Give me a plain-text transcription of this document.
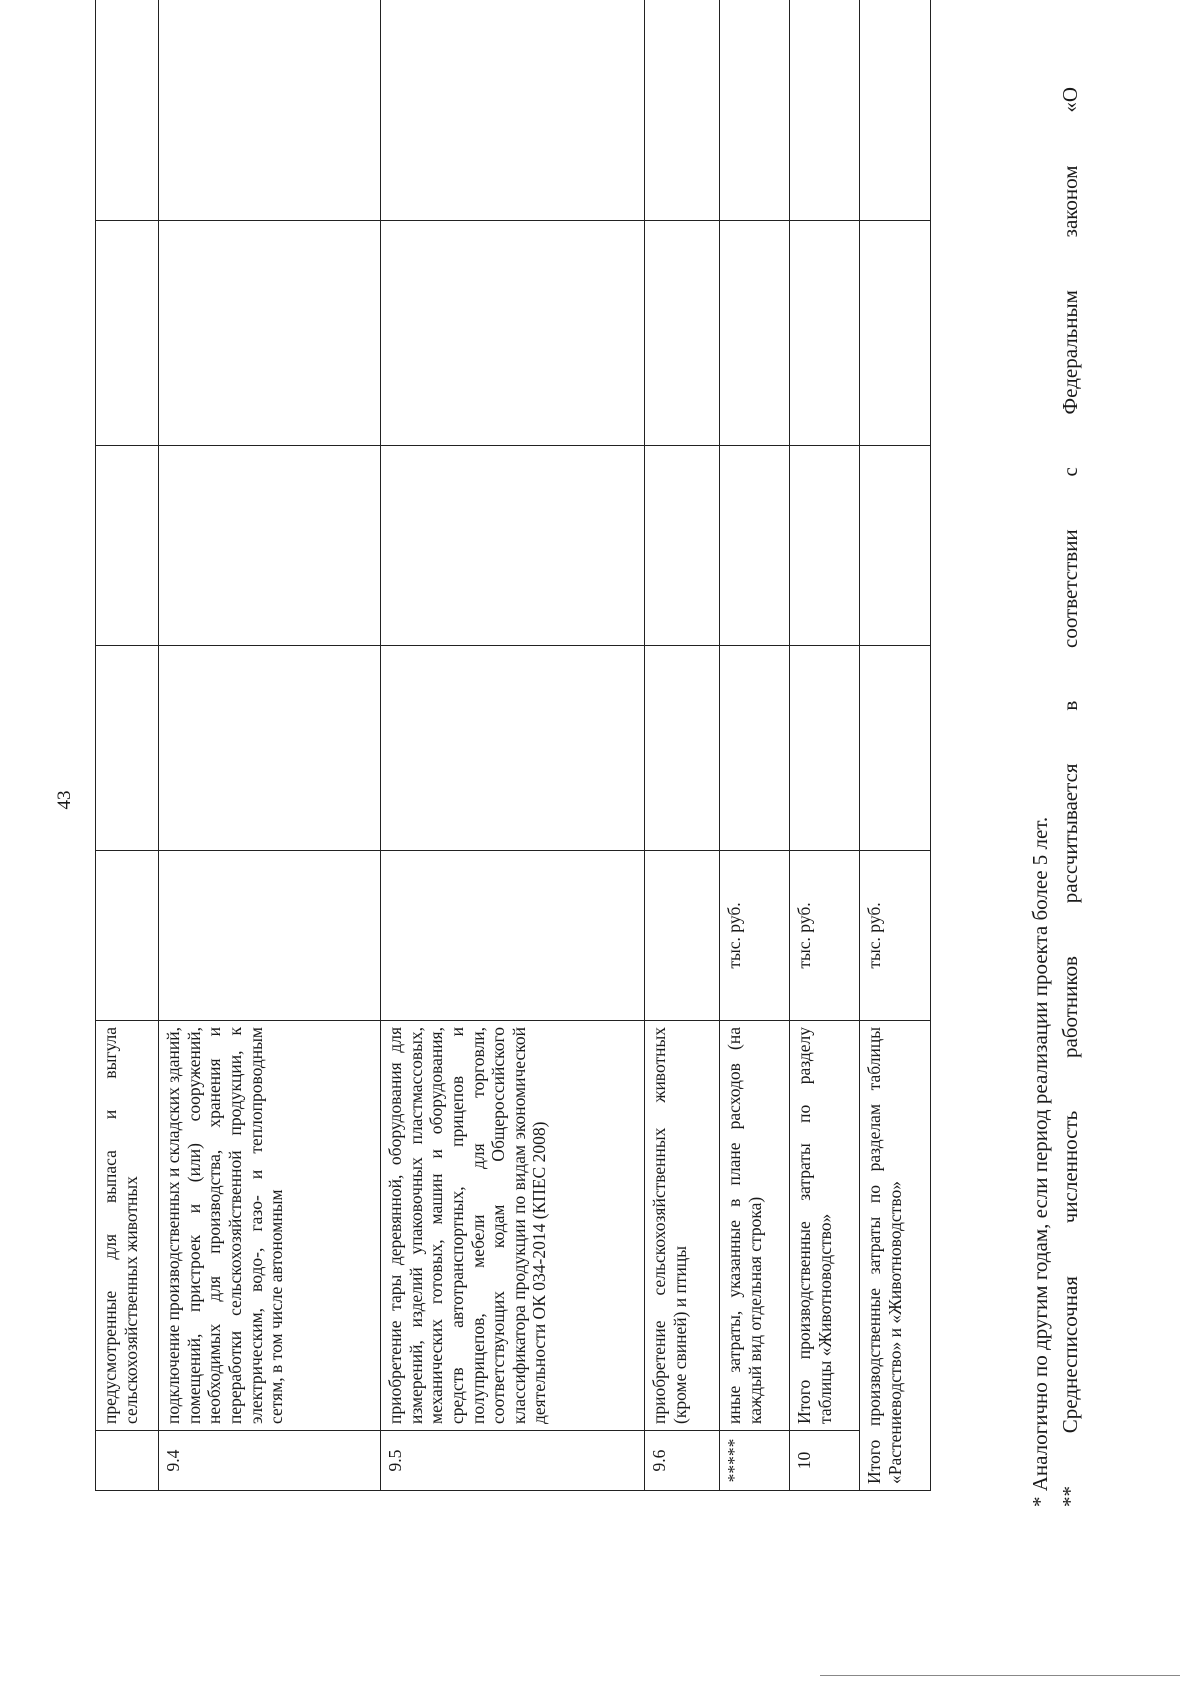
43
	предусмотренные для выпаса и выгула сельскохозяйственных животных								
9.4	подключение производственных и складских зданий, помещений, пристроек и (или) сооружений, необходимых для производства, хранения и переработки сельскохозяйственной продукции, к электрическим, водо-, газо- и теплопроводным сетям, в том числе автономным								
9.5	приобретение тары деревянной, оборудования для измерений, изделий упаковочных пластмассовых, механических готовых, машин и оборудования, средств автотранспортных, прицепов и полуприцепов, мебели для торговли, соответствующих кодам Общероссийского классификатора продукции по видам экономической деятельности ОК 034-2014 (КПЕС 2008)								
9.6	приобретение сельскохозяйственных животных (кроме свиней) и птицы								
*****	иные затраты, указанные в плане расходов (на каждый вид отдельная строка)	тыс. руб.							
10	Итого производственные затраты по разделу таблицы «Животноводство»	тыс. руб.							
Итого производственные затраты по разделам таблицы «Растениеводство» и «Животноводство»		тыс. руб.								* Аналогично по другим годам, если период реализации проекта более 5 лет. ** Среднесписочная численность работников рассчитывается в соответствии с Федеральным законом «О
